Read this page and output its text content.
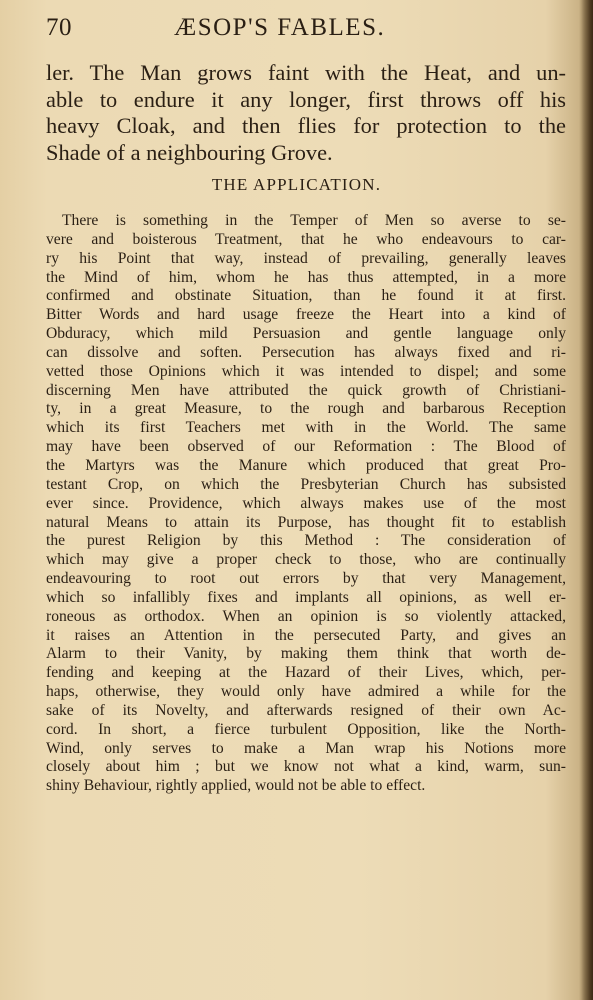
70	ÆSOP'S FABLES.
ler. The Man grows faint with the Heat, and un-
able to endure it any longer, first throws off his
heavy Cloak, and then flies for protection to the
Shade of a neighbouring Grove.
THE APPLICATION.
There is something in the Temper of Men so averse to se-
vere and boisterous Treatment, that he who endeavours to car-
ry his Point that way, instead of prevailing, generally leaves
the Mind of him, whom he has thus attempted, in a more
confirmed and obstinate Situation, than he found it at first.
Bitter Words and hard usage freeze the Heart into a kind of
Obduracy, which mild Persuasion and gentle language only
can dissolve and soften. Persecution has always fixed and ri-
vetted those Opinions which it was intended to dispel; and some
discerning Men have attributed the quick growth of Christiani-
ty, in a great Measure, to the rough and barbarous Reception
which its first Teachers met with in the World. The same
may have been observed of our Reformation : The Blood of
the Martyrs was the Manure which produced that great Pro-
testant Crop, on which the Presbyterian Church has subsisted
ever since. Providence, which always makes use of the most
natural Means to attain its Purpose, has thought fit to establish
the purest Religion by this Method : The consideration of
which may give a proper check to those, who are continually
endeavouring to root out errors by that very Management,
which so infallibly fixes and implants all opinions, as well er-
roneous as orthodox. When an opinion is so violently attacked,
it raises an Attention in the persecuted Party, and gives an
Alarm to their Vanity, by making them think that worth de-
fending and keeping at the Hazard of their Lives, which, per-
haps, otherwise, they would only have admired a while for the
sake of its Novelty, and afterwards resigned of their own Ac-
cord. In short, a fierce turbulent Opposition, like the North-
Wind, only serves to make a Man wrap his Notions more
closely about him ; but we know not what a kind, warm, sun-
shiny Behaviour, rightly applied, would not be able to effect.
